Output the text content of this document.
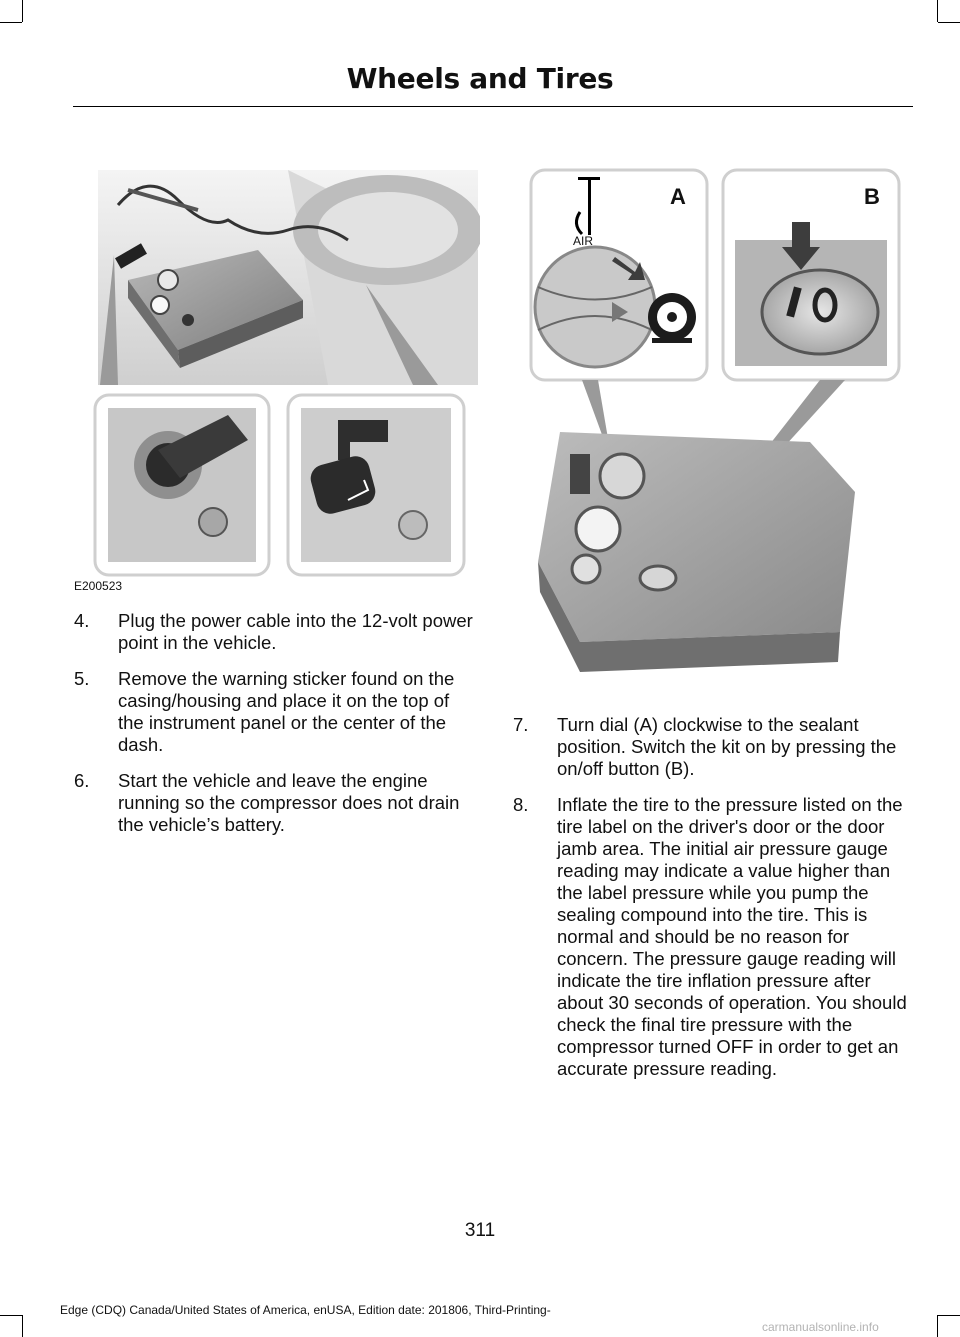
Wheels and Tires
E200523
A	B
AIR
4. Plug the power cable into the 12-volt power point in the vehicle.
5. Remove the warning sticker found on the casing/housing and place it on the top of the instrument panel or the center of the dash.
6. Start the vehicle and leave the engine running so the compressor does not drain the vehicle’s battery.
7. Turn dial (A) clockwise to the sealant position. Switch the kit on by pressing the on/off button (B).
8. Inflate the tire to the pressure listed on the tire label on the driver's door or the door jamb area. The initial air pressure gauge reading may indicate a value higher than the label pressure while you pump the sealing compound into the tire. This is normal and should be no reason for concern. The pressure gauge reading will indicate the tire inflation pressure after about 30 seconds of operation. You should check the final tire pressure with the compressor turned OFF in order to get an accurate pressure reading.
311
Edge (CDQ) Canada/United States of America, enUSA, Edition date: 201806, Third-Printing-
carmanualsonline.info
